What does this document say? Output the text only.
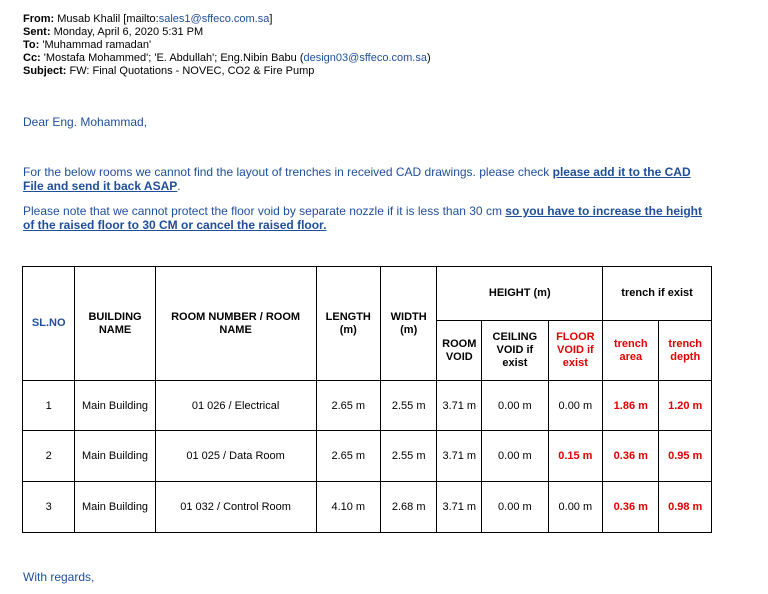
From: Musab Khalil [mailto:sales1@sffeco.com.sa]
Sent: Monday, April 6, 2020 5:31 PM
To: 'Muhammad ramadan'
Cc: 'Mostafa Mohammed'; 'E. Abdullah'; Eng.Nibin Babu (design03@sffeco.com.sa)
Subject: FW: Final Quotations - NOVEC, CO2 & Fire Pump
Dear Eng. Mohammad,
For the below rooms we cannot find the layout of trenches in received CAD drawings. please check please add it to the CAD File and send it back ASAP.
Please note that we cannot protect the floor void by separate nozzle if it is less than 30 cm so you have to increase the height of the raised floor to 30 CM or cancel the raised floor.
SL.NO	BUILDING NAME	ROOM NUMBER / ROOM NAME	LENGTH (m)	WIDTH (m)	HEIGHT (m)			trench if exist	
					ROOM VOID	CEILING VOID if exist	FLOOR VOID if exist	trench area	trench depth
1	Main Building	01 026 / Electrical	2.65 m	2.55 m	3.71 m	0.00 m	0.00 m	1.86 m	1.20 m
2	Main Building	01 025 / Data Room	2.65 m	2.55 m	3.71 m	0.00 m	0.15 m	0.36 m	0.95 m
3	Main Building	01 032 / Control Room	4.10 m	2.68 m	3.71 m	0.00 m	0.00 m	0.36 m	0.98 m
With regards,
